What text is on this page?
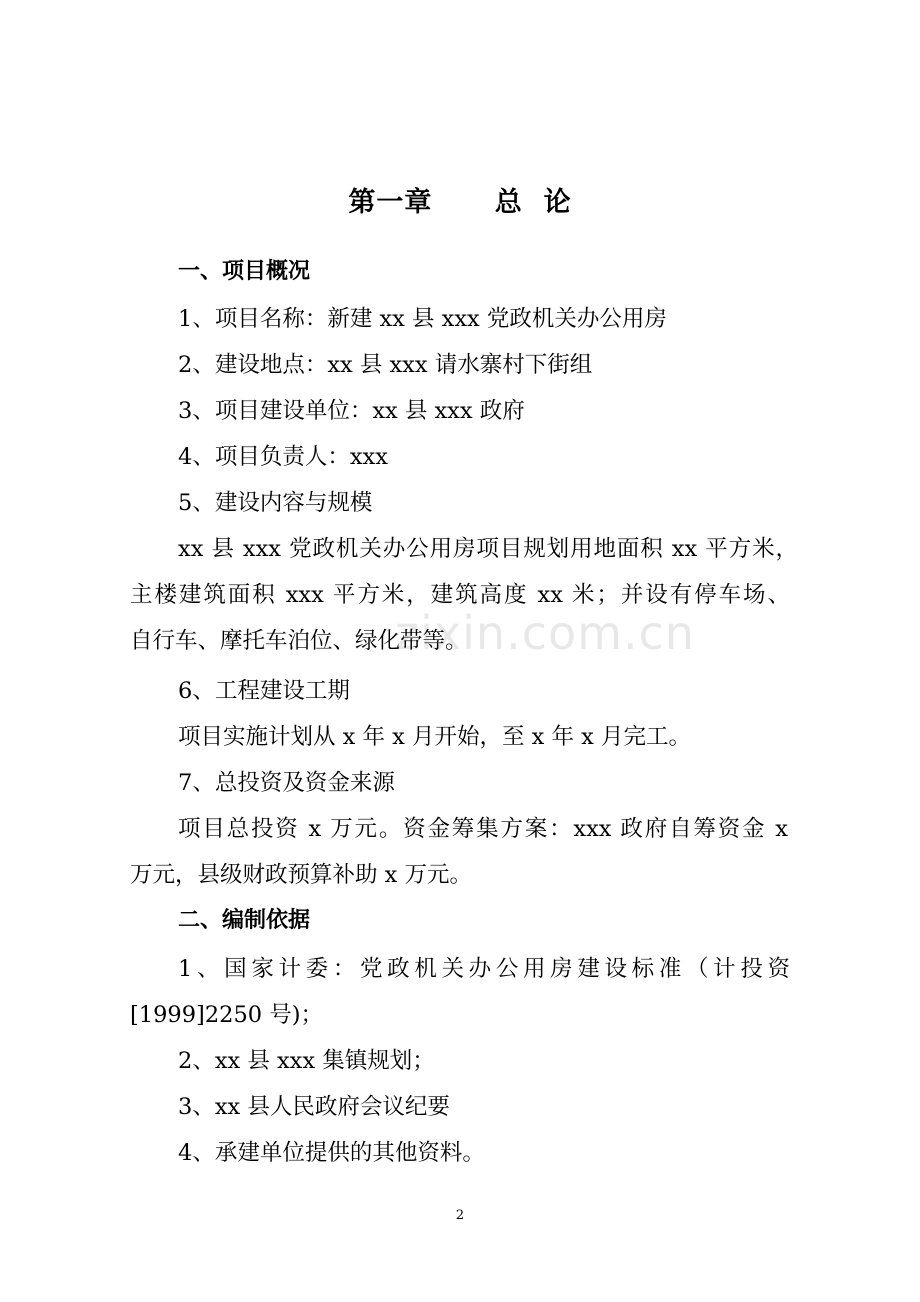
第一章      总  论
一、项目概况
1、项目名称：新建 xx 县 xxx 党政机关办公用房
2、建设地点：xx 县 xxx 请水寨村下街组
3、项目建设单位：xx 县 xxx 政府
4、项目负责人：xxx
5、建设内容与规模
xx 县 xxx 党政机关办公用房项目规划用地面积 xx 平方米，
主楼建筑面积 xxx 平方米，建筑高度 xx 米；并设有停车场、
自行车、摩托车泊位、绿化带等。
6、工程建设工期
项目实施计划从 x 年 x 月开始，至 x 年 x 月完工。
7、总投资及资金来源
项目总投资 x 万元。资金筹集方案：xxx 政府自筹资金 x
万元，县级财政预算补助 x 万元。
二、编制依据
1、国家计委：党政机关办公用房建设标准（计投资
[1999]2250 号)；
2、xx 县 xxx 集镇规划；
3、xx 县人民政府会议纪要
4、承建单位提供的其他资料。
zixin.com.cn
2
